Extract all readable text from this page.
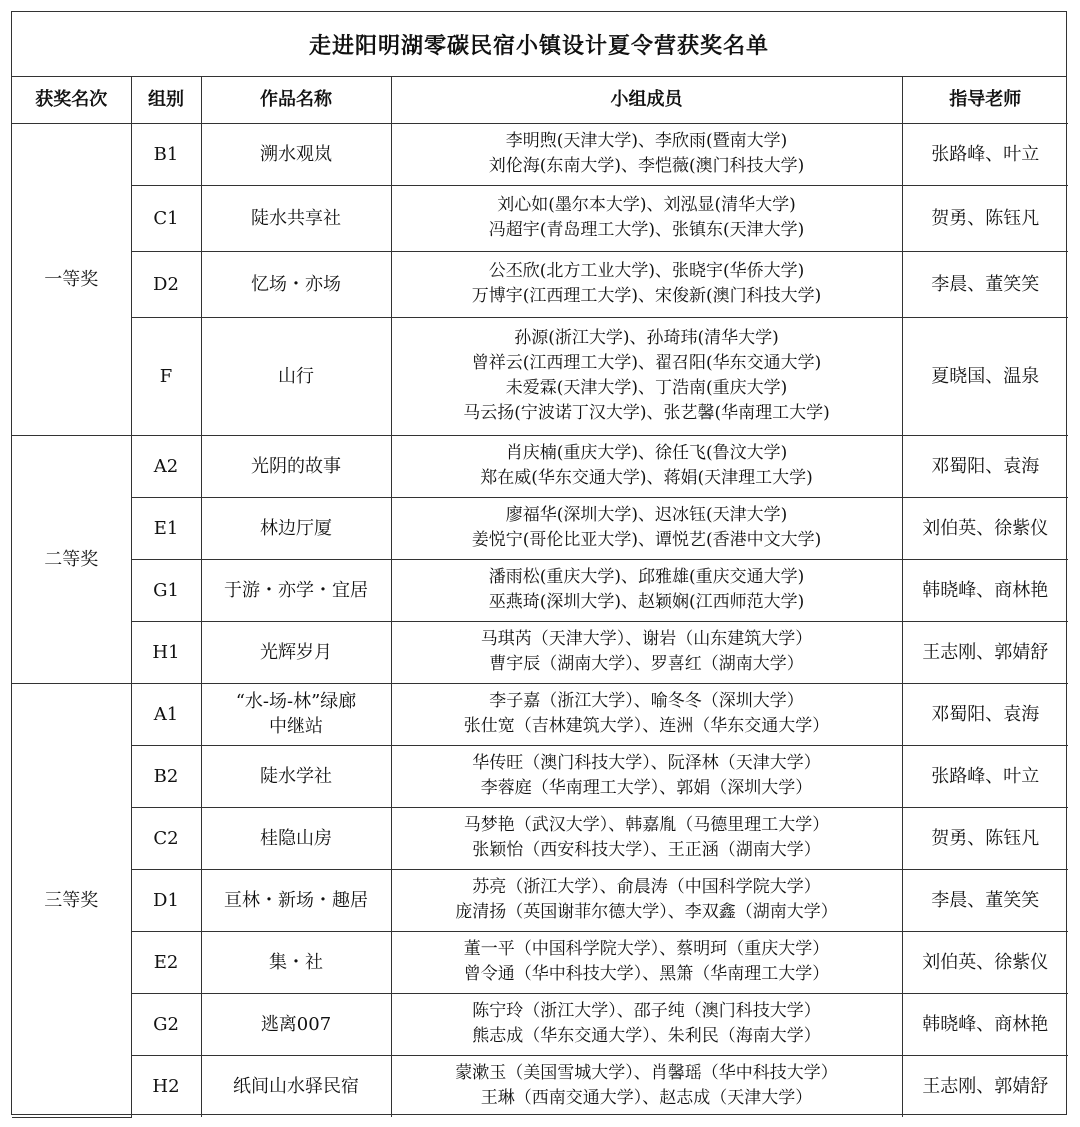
走进阳明湖零碳民宿小镇设计夏令营获奖名单
获奖名次	组别	作品名称	小组成员	指导老师
一等奖	B1	溯水观岚	李明煦(天津大学)、李欣雨(暨南大学)
刘伦海(东南大学)、李恺薇(澳门科技大学)	张路峰、叶立
	C1	陡水共享社	刘心如(墨尔本大学)、刘泓显(清华大学)
冯超宇(青岛理工大学)、张镇东(天津大学)	贺勇、陈钰凡
	D2	忆场・亦场	公丕欣(北方工业大学)、张晓宇(华侨大学)
万博宇(江西理工大学)、宋俊新(澳门科技大学)	李晨、董笑笑
	F	山行	孙源(浙江大学)、孙琦玮(清华大学)
曾祥云(江西理工大学)、翟召阳(华东交通大学)
未爱霖(天津大学)、丁浩南(重庆大学)
马云扬(宁波诺丁汉大学)、张艺馨(华南理工大学)	夏晓国、温泉
二等奖	A2	光阴的故事	肖庆楠(重庆大学)、徐任飞(鲁汶大学)
郑在威(华东交通大学)、蒋娟(天津理工大学)	邓蜀阳、袁海
	E1	林边厅厦	廖福华(深圳大学)、迟冰钰(天津大学)
姜悦宁(哥伦比亚大学)、谭悦艺(香港中文大学)	刘伯英、徐紫仪
	G1	于游・亦学・宜居	潘雨松(重庆大学)、邱雅雄(重庆交通大学)
巫燕琦(深圳大学)、赵颖娴(江西师范大学)	韩晓峰、商林艳
	H1	光辉岁月	马琪芮（天津大学）、谢岩（山东建筑大学）
曹宇辰（湖南大学）、罗喜红（湖南大学）	王志刚、郭婧舒
三等奖	A1	“水-场-林”绿廊
中继站	李子嘉（浙江大学）、喻冬冬（深圳大学）
张仕宽（吉林建筑大学）、连洲（华东交通大学）	邓蜀阳、袁海
	B2	陡水学社	华传旺（澳门科技大学）、阮泽林（天津大学）
李蓉庭（华南理工大学）、郭娟（深圳大学）	张路峰、叶立
	C2	桂隐山房	马梦艳（武汉大学）、韩嘉胤（马德里理工大学）
张颖怡（西安科技大学）、王正涵（湖南大学）	贺勇、陈钰凡
	D1	亘林・新场・趣居	苏亮（浙江大学）、俞晨涛（中国科学院大学）
庞清扬（英国谢菲尔德大学）、李双鑫（湖南大学）	李晨、董笑笑
	E2	集・社	董一平（中国科学院大学）、蔡明珂（重庆大学）
曾令通（华中科技大学）、黑箫（华南理工大学）	刘伯英、徐紫仪
	G2	逃离007	陈宁玲（浙江大学）、邵子纯（澳门科技大学）
熊志成（华东交通大学）、朱利民（海南大学）	韩晓峰、商林艳
	H2	纸间山水驿民宿	蒙漱玉（美国雪城大学）、肖馨瑶（华中科技大学）
王琳（西南交通大学）、赵志成（天津大学）	王志刚、郭婧舒
